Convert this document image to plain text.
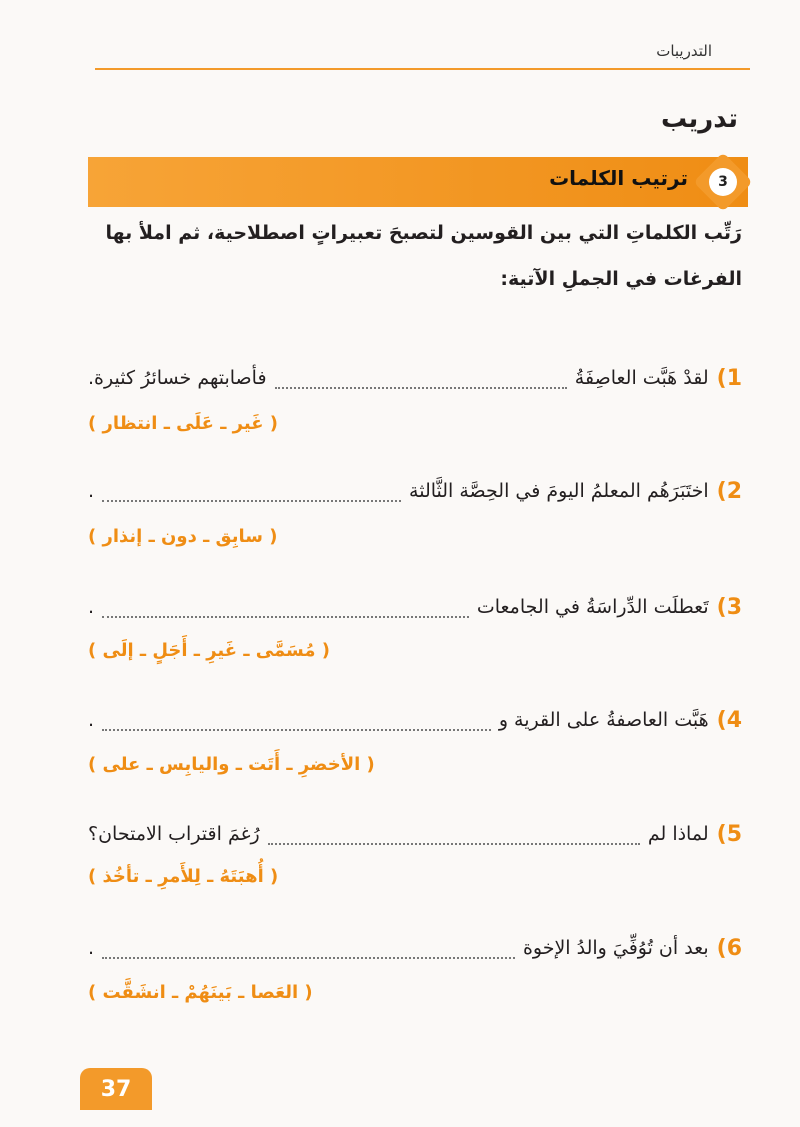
التدريبات
تدريب
3
ترتيب الكلمات
رَتِّب الكلماتِ التي بين القوسين لتصبحَ تعبيراتٍ اصطلاحية، ثم املأ بها
الفرغات في الجملِ الآتية:
1)
لقدْ هَبَّت العاصِفَةُ
فأصابتهم خسائرُ كثيرة.
( غَير ـ عَلَى ـ انتظار )
2)
اختَبَرَهُم المعلمُ اليومَ في الحِصَّة الثَّالثة
.
( سابِق ـ دون ـ إنذار )
3)
تَعطلَت الدِّراسَةُ في الجامعات
.
( مُسَمَّى ـ غَيرِ ـ أَجَلٍ ـ إلَى )
4)
هَبَّت العاصفةُ على القرية و
.
( الأخضرِ ـ أَتَت ـ واليابِس ـ على )
5)
لماذا لم
رُغمَ اقتراب الامتحان؟
( أُهبَتَهُ ـ لِلأَمرِ ـ تأخُذ )
6)
بعد أن تُوُفِّيَ والدُ الإخوة
.
( العَصا ـ بَينَهُمْ ـ انشَقَّت )
37
